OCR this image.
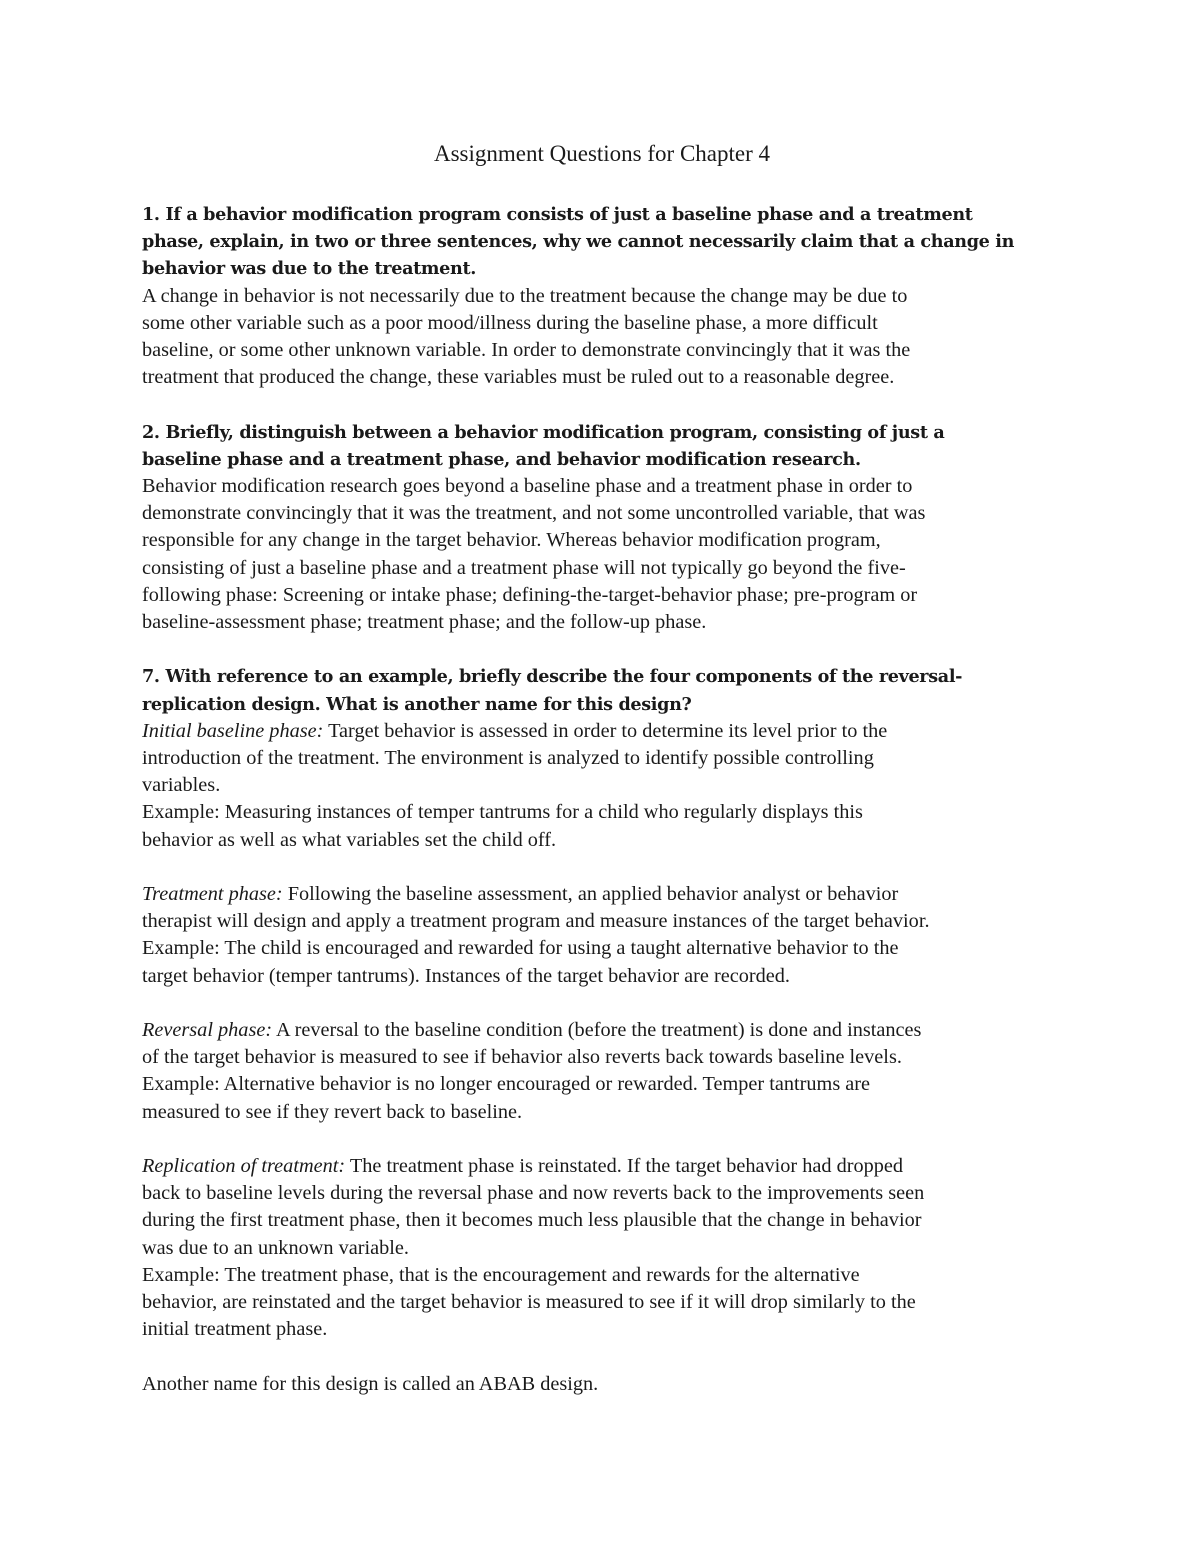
Assignment Questions for Chapter 4

1. If a behavior modification program consists of just a baseline phase and a treatment

phase, explain, in two or three sentences, why we cannot necessarily claim that a change in

behavior was due to the treatment.

A change in behavior is not necessarily due to the treatment because the change may be due to

some other variable such as a poor mood/illness during the baseline phase, a more difficult

baseline, or some other unknown variable. In order to demonstrate convincingly that it was the

treatment that produced the change, these variables must be ruled out to a reasonable degree.

2. Briefly, distinguish between a behavior modification program, consisting of just a

baseline phase and a treatment phase, and behavior modification research.

Behavior modification research goes beyond a baseline phase and a treatment phase in order to

demonstrate convincingly that it was the treatment, and not some uncontrolled variable, that was

responsible for any change in the target behavior. Whereas behavior modification program,

consisting of just a baseline phase and a treatment phase will not typically go beyond the five-

following phase: Screening or intake phase; defining-the-target-behavior phase; pre-program or

baseline-assessment phase; treatment phase; and the follow-up phase.

7. With reference to an example, briefly describe the four components of the reversal-

replication design. What is another name for this design?

Initial baseline phase: Target behavior is assessed in order to determine its level prior to the

introduction of the treatment. The environment is analyzed to identify possible controlling

variables.

Example: Measuring instances of temper tantrums for a child who regularly displays this

behavior as well as what variables set the child off.

Treatment phase: Following the baseline assessment, an applied behavior analyst or behavior

therapist will design and apply a treatment program and measure instances of the target behavior.

Example: The child is encouraged and rewarded for using a taught alternative behavior to the

target behavior (temper tantrums). Instances of the target behavior are recorded.

Reversal phase: A reversal to the baseline condition (before the treatment) is done and instances

of the target behavior is measured to see if behavior also reverts back towards baseline levels.

Example: Alternative behavior is no longer encouraged or rewarded. Temper tantrums are

measured to see if they revert back to baseline.

Replication of treatment: The treatment phase is reinstated. If the target behavior had dropped

back to baseline levels during the reversal phase and now reverts back to the improvements seen

during the first treatment phase, then it becomes much less plausible that the change in behavior

was due to an unknown variable.

Example: The treatment phase, that is the encouragement and rewards for the alternative

behavior, are reinstated and the target behavior is measured to see if it will drop similarly to the

initial treatment phase.

Another name for this design is called an ABAB design.
